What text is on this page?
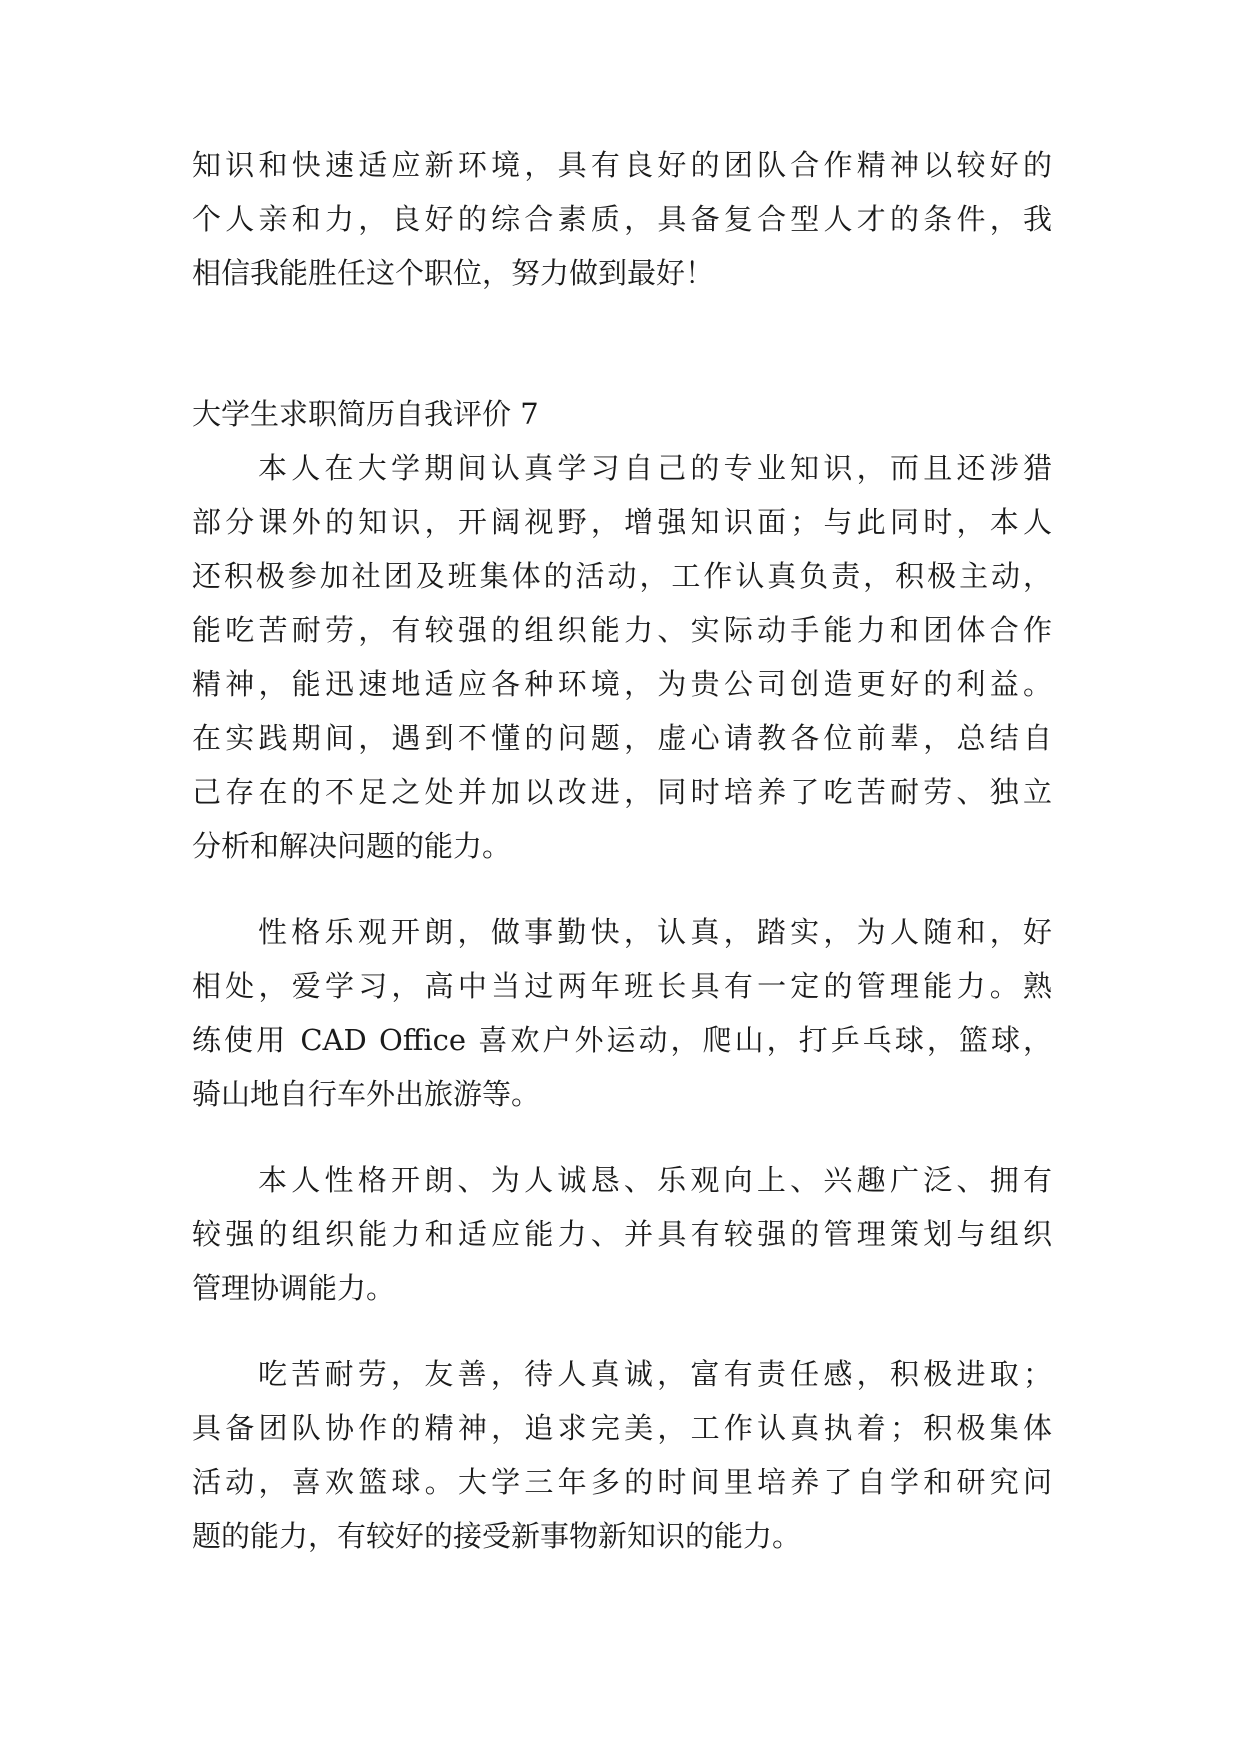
知识和快速适应新环境，具有良好的团队合作精神以较好的
个人亲和力，良好的综合素质，具备复合型人才的条件，我
相信我能胜任这个职位，努力做到最好！
大学生求职简历自我评价 7
本人在大学期间认真学习自己的专业知识，而且还涉猎
部分课外的知识，开阔视野，增强知识面；与此同时，本人
还积极参加社团及班集体的活动，工作认真负责，积极主动，
能吃苦耐劳，有较强的组织能力、实际动手能力和团体合作
精神，能迅速地适应各种环境，为贵公司创造更好的利益。
在实践期间，遇到不懂的问题，虚心请教各位前辈，总结自
己存在的不足之处并加以改进，同时培养了吃苦耐劳、独立
分析和解决问题的能力。
性格乐观开朗，做事勤快，认真，踏实，为人随和，好
相处，爱学习，高中当过两年班长具有一定的管理能力。熟
练使用 CAD Office 喜欢户外运动，爬山，打乒乓球，篮球，
骑山地自行车外出旅游等。
本人性格开朗、为人诚恳、乐观向上、兴趣广泛、拥有
较强的组织能力和适应能力、并具有较强的管理策划与组织
管理协调能力。
吃苦耐劳，友善，待人真诚，富有责任感，积极进取；
具备团队协作的精神，追求完美，工作认真执着；积极集体
活动，喜欢篮球。大学三年多的时间里培养了自学和研究问
题的能力，有较好的接受新事物新知识的能力。
